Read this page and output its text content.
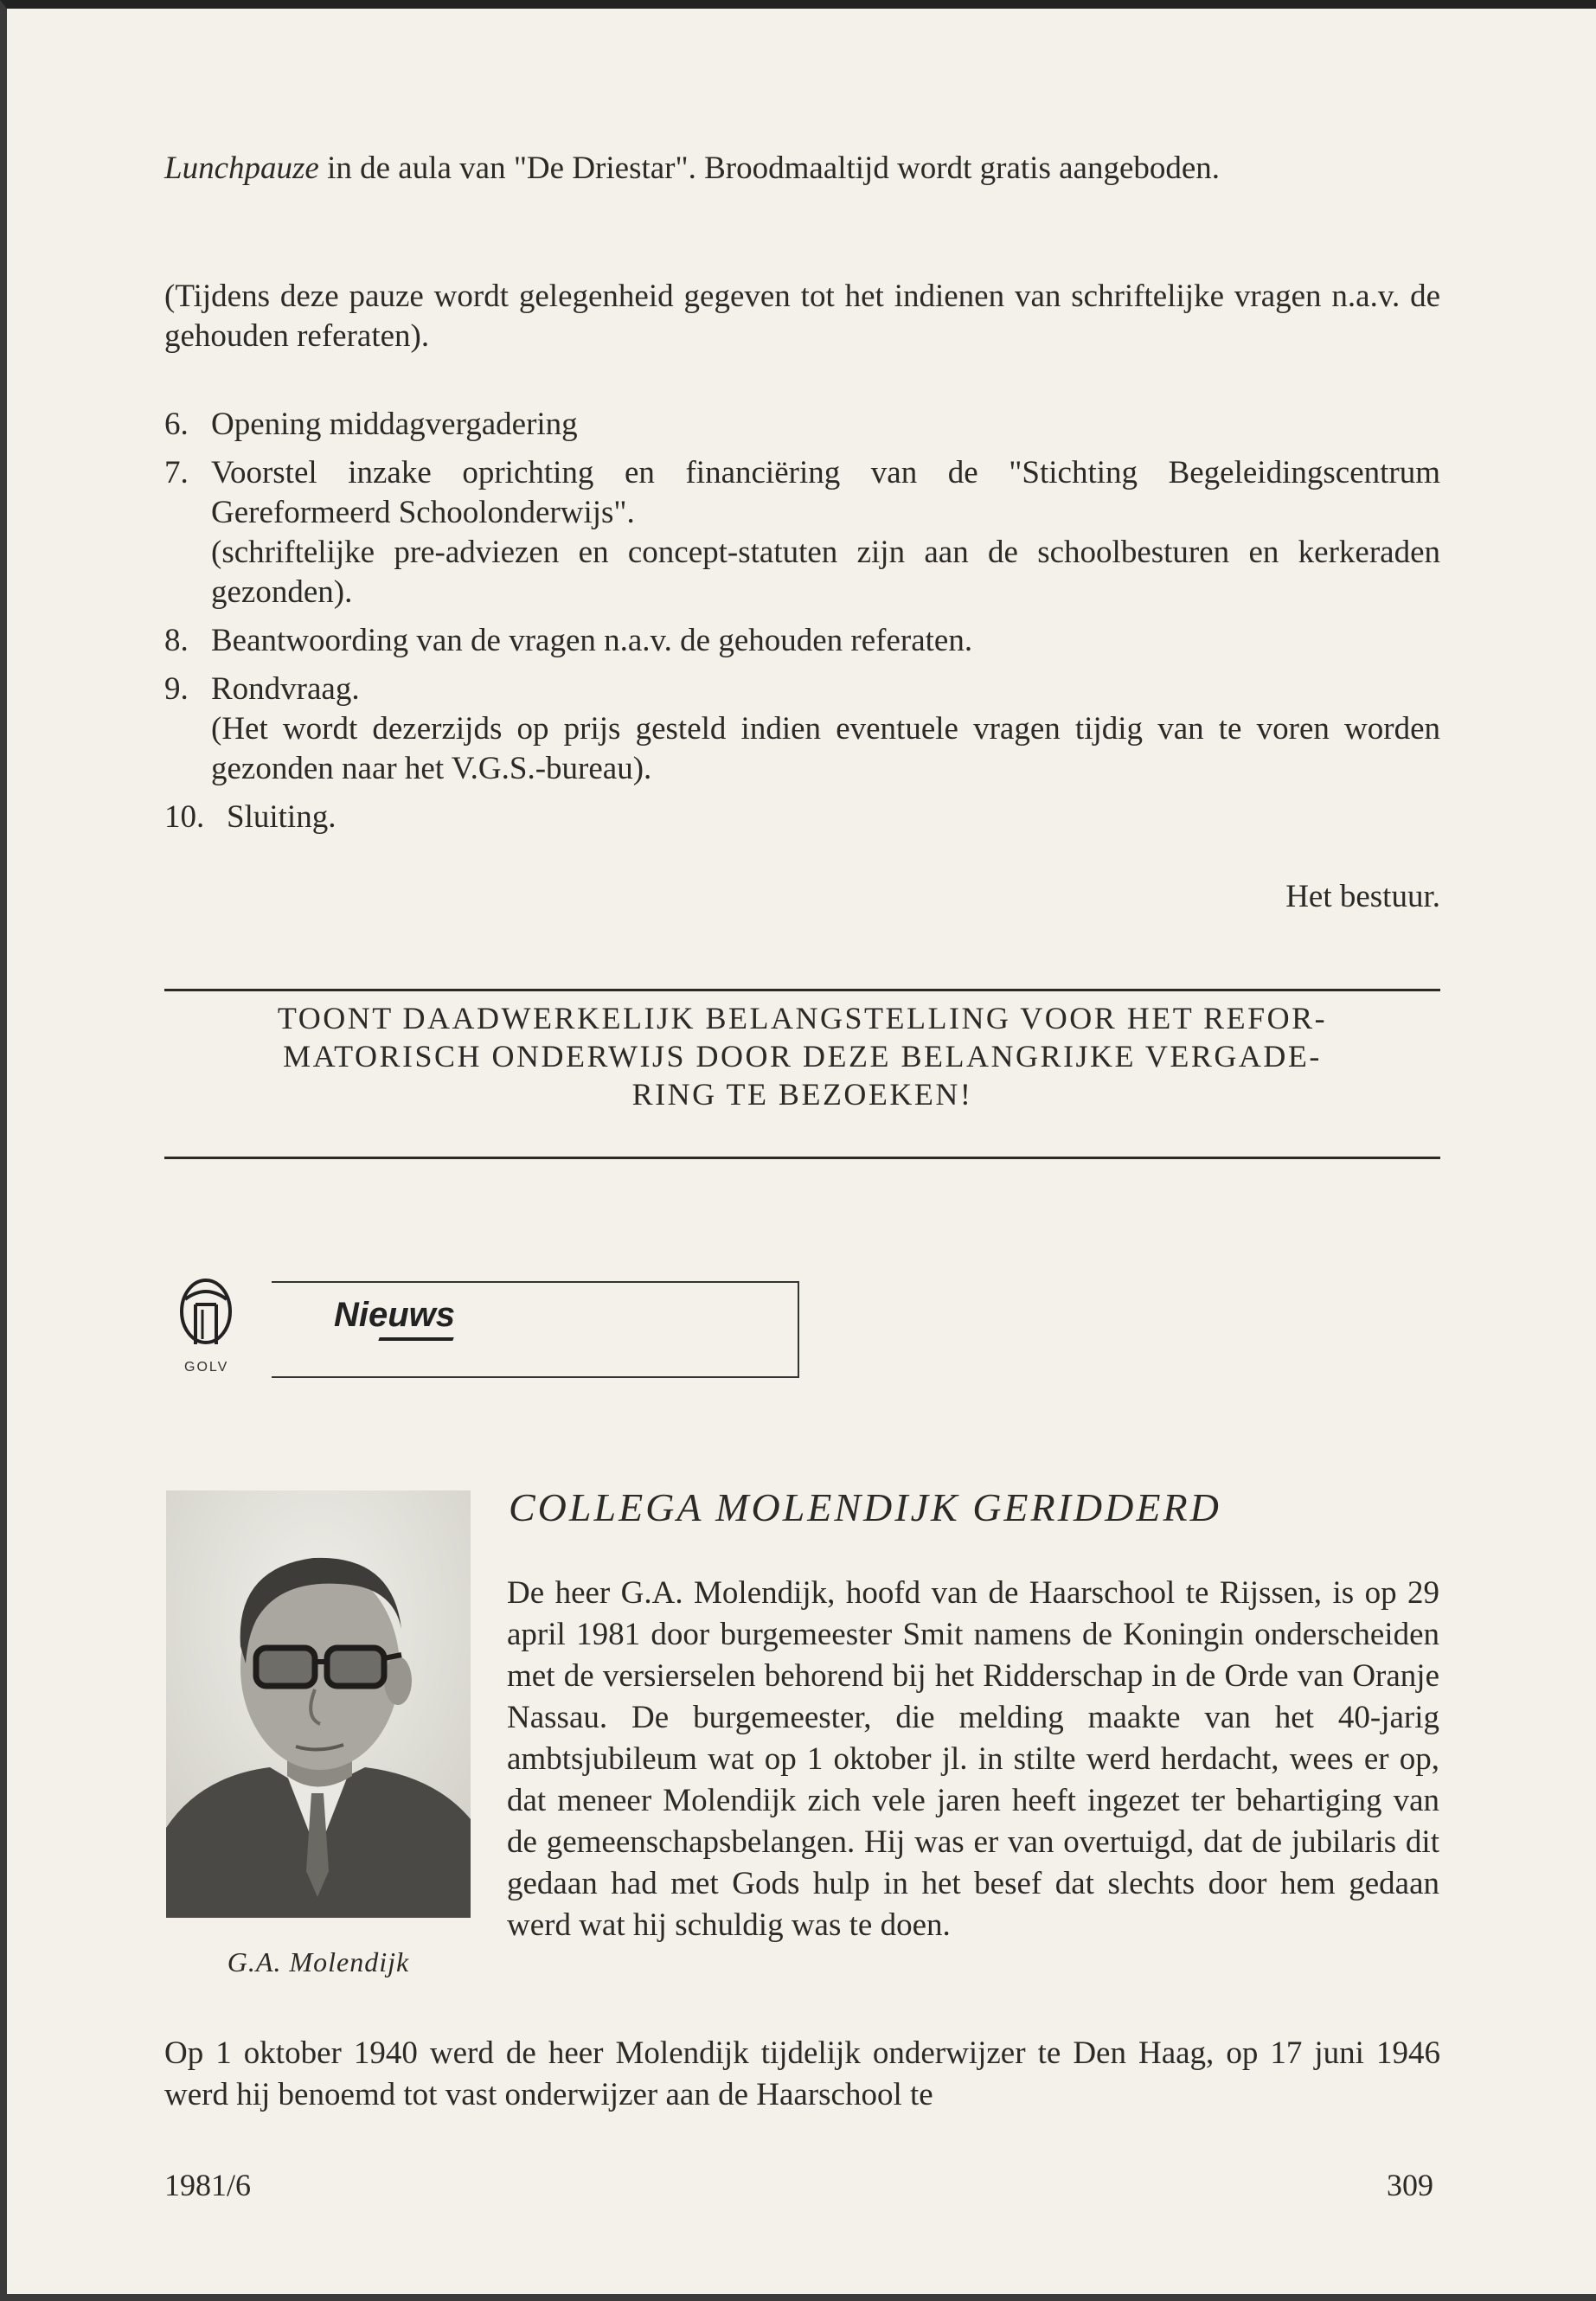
Lunchpauze in de aula van "De Driestar". Broodmaaltijd wordt gratis aangeboden.

(Tijdens deze pauze wordt gelegenheid gegeven tot het indienen van schriftelijke vragen n.a.v. de gehouden referaten).

6. Opening middagvergadering
7. Voorstel inzake oprichting en financiëring van de "Stichting Begeleidingscentrum Gereformeerd Schoolonderwijs".
(schriftelijke pre-adviezen en concept-statuten zijn aan de schoolbesturen en kerkeraden gezonden).
8. Beantwoording van de vragen n.a.v. de gehouden referaten.
9. Rondvraag.
(Het wordt dezerzijds op prijs gesteld indien eventuele vragen tijdig van te voren worden gezonden naar het V.G.S.-bureau).
10. Sluiting.
Het bestuur.
TOONT DAADWERKELIJK BELANGSTELLING VOOR HET REFOR-
MATORISCH ONDERWIJS DOOR DEZE BELANGRIJKE VERGADE-
RING TE BEZOEKEN!
GOLV
Nieuws
G.A. Molendijk
COLLEGA MOLENDIJK GERIDDERD

De heer G.A. Molendijk, hoofd van de Haarschool te Rijssen, is op 29 april 1981 door burgemeester Smit namens de Koningin onderscheiden met de versierselen behorend bij het Ridderschap in de Orde van Oranje Nassau. De burgemeester, die melding maakte van het 40-jarig ambtsjubileum wat op 1 oktober jl. in stilte werd herdacht, wees er op, dat meneer Molendijk zich vele jaren heeft ingezet ter behartiging van de gemeenschapsbelangen. Hij was er van overtuigd, dat de jubilaris dit gedaan had met Gods hulp in het besef dat slechts door hem gedaan werd wat hij schuldig was te doen.

Op 1 oktober 1940 werd de heer Molendijk tijdelijk onderwijzer te Den Haag, op 17 juni 1946 werd hij benoemd tot vast onderwijzer aan de Haarschool te

1981/6	309
